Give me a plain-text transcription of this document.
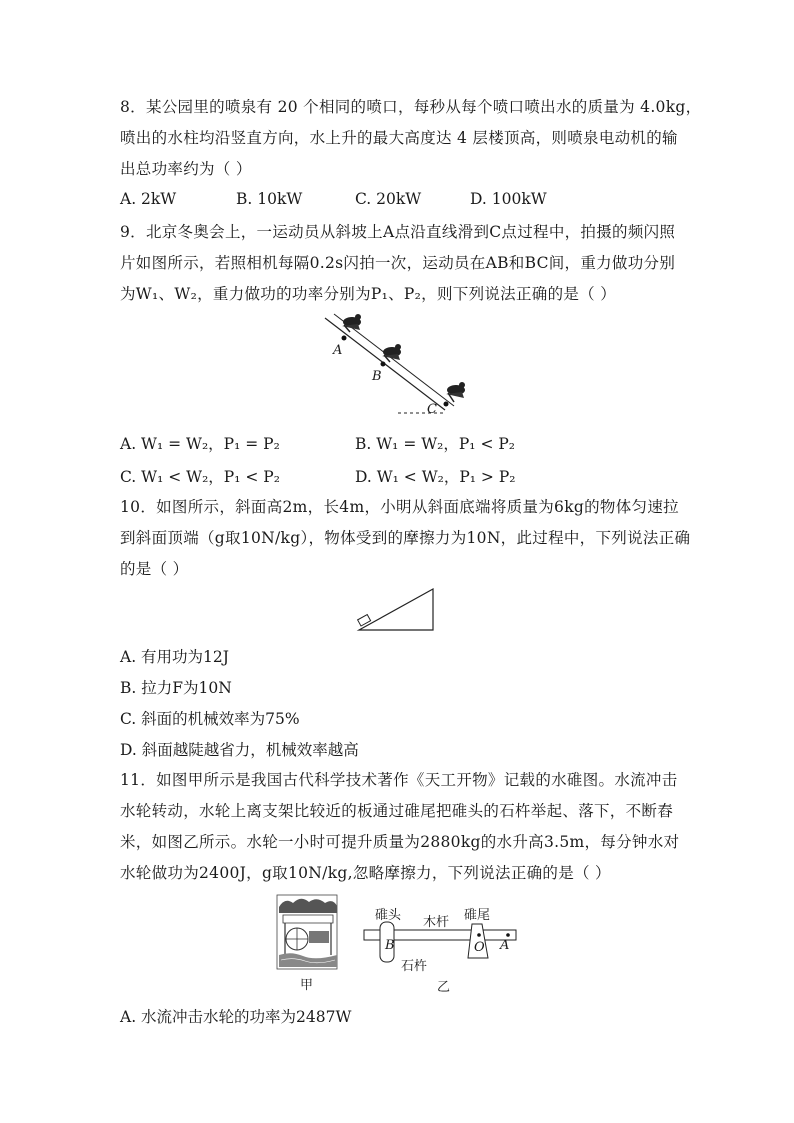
8．某公园里的喷泉有 20 个相同的喷口，每秒从每个喷口喷出水的质量为 4.0kg，
喷出的水柱均沿竖直方向，水上升的最大高度达 4 层楼顶高，则喷泉电动机的输
出总功率约为（ ）
A. 2kW	B. 10kW	C. 20kW	D. 100kW
9．北京冬奥会上，一运动员从斜坡上A点沿直线滑到C点过程中，拍摄的频闪照
片如图所示，若照相机每隔0.2s闪拍一次，运动员在AB和BC间，重力做功分别
为W₁、W₂，重力做功的功率分别为P₁、P₂，则下列说法正确的是（ ）
A
B
C
A. W₁ = W₂，P₁ = P₂	B. W₁ = W₂，P₁ < P₂
C. W₁ < W₂，P₁ < P₂	D. W₁ < W₂，P₁ > P₂
10．如图所示，斜面高2m，长4m，小明从斜面底端将质量为6kg的物体匀速拉
到斜面顶端（g取10N/kg），物体受到的摩擦力为10N，此过程中，下列说法正确
的是（ ）
A. 有用功为12J
B. 拉力F为10N
C. 斜面的机械效率为75%
D. 斜面越陡越省力，机械效率越高
11．如图甲所示是我国古代科学技术著作《天工开物》记载的水碓图。水流冲击
水轮转动，水轮上离支架比较近的板通过碓尾把碓头的石杵举起、落下，不断舂
米，如图乙所示。水轮一小时可提升质量为2880kg的水升高3.5m，每分钟水对
水轮做功为2400J，g取10N/kg,忽略摩擦力，下列说法正确的是（ ）
甲
碓头 木杆 碓尾
B	O A
石杵
乙
A. 水流冲击水轮的功率为2487W
